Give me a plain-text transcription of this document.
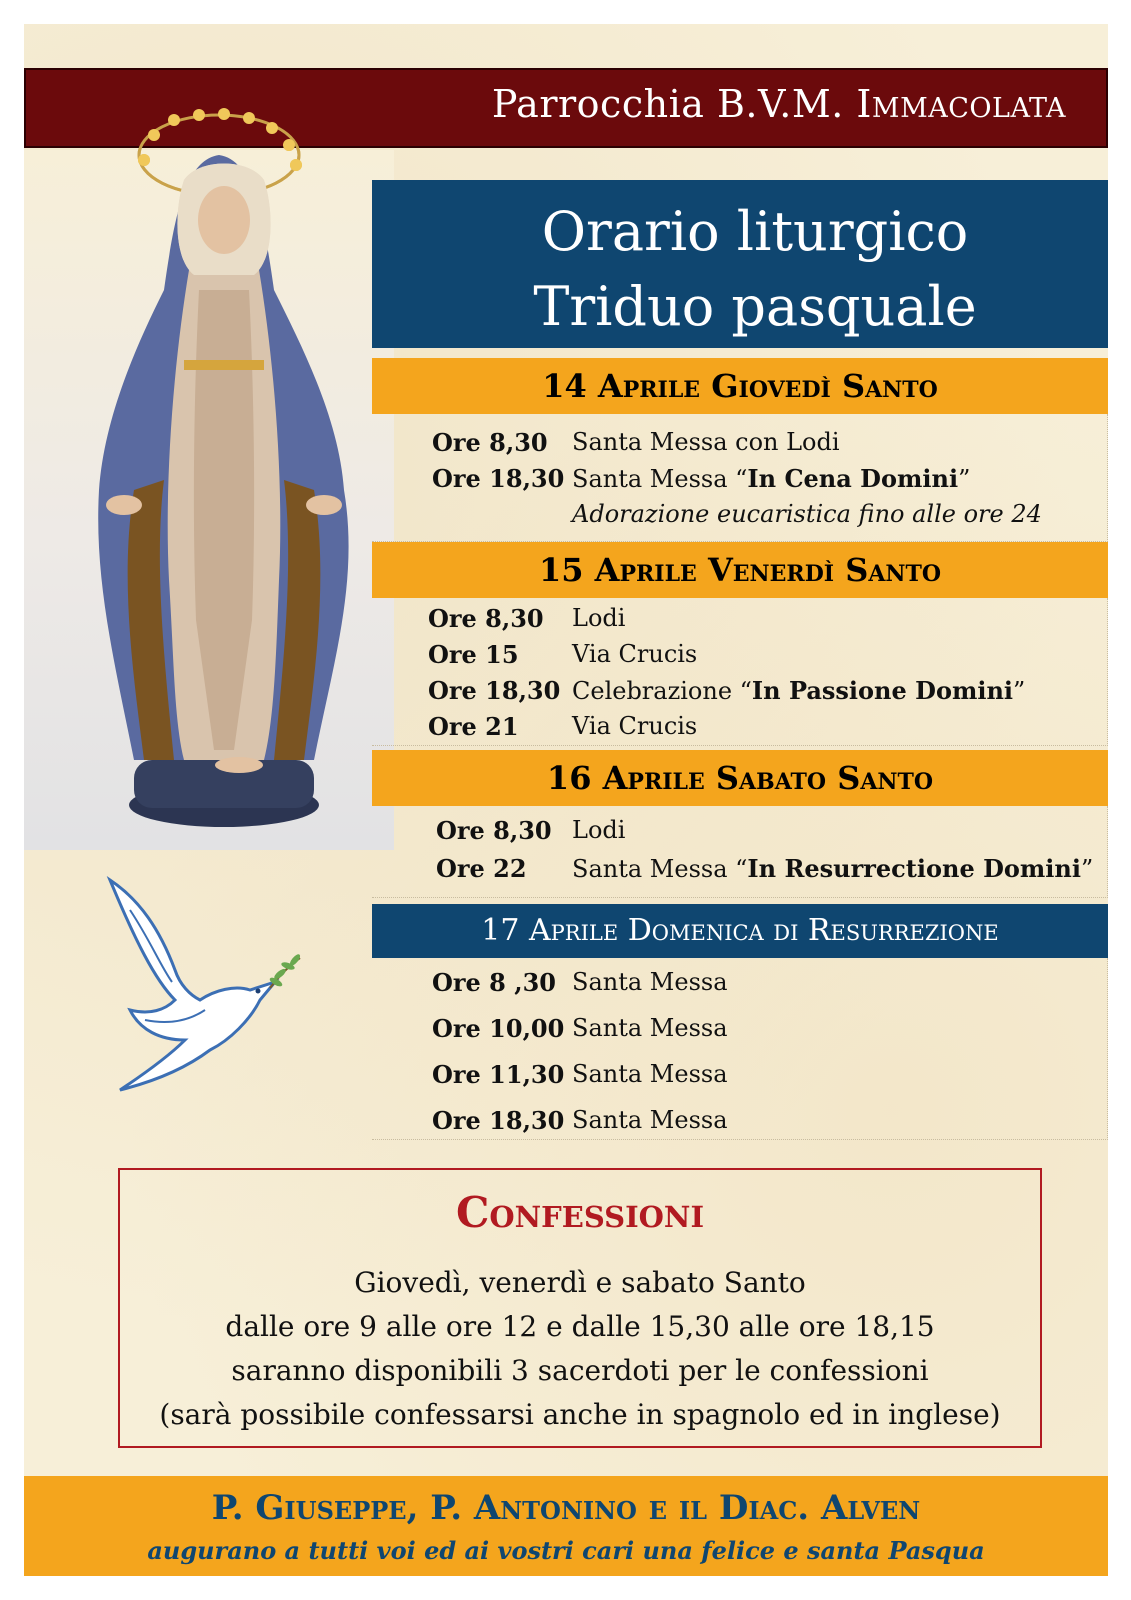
Parrocchia B.V.M. Immacolata
Orario liturgico
Triduo pasquale
14 Aprile Giovedì Santo
Ore 8,30 Santa Messa con Lodi
Ore 18,30 Santa Messa “In Cena Domini”
Adorazione eucaristica fino alle ore 24
15 Aprile Venerdì Santo
Ore 8,30 Lodi
Ore 15 Via Crucis
Ore 18,30 Celebrazione “In Passione Domini”
Ore 21 Via Crucis
16 Aprile Sabato Santo
Ore 8,30 Lodi
Ore 22 Santa Messa “In Resurrectione Domini”
17 Aprile Domenica di Resurrezione
Ore 8 ,30 Santa Messa
Ore 10,00 Santa Messa
Ore 11,30 Santa Messa
Ore 18,30 Santa Messa
Confessioni
Giovedì, venerdì e sabato Santo
dalle ore 9 alle ore 12 e dalle 15,30 alle ore 18,15
saranno disponibili 3 sacerdoti per le confessioni
(sarà possibile confessarsi anche in spagnolo ed in inglese)
P. Giuseppe, P. Antonino e il Diac. Alven
augurano a tutti voi ed ai vostri cari una felice e santa Pasqua
